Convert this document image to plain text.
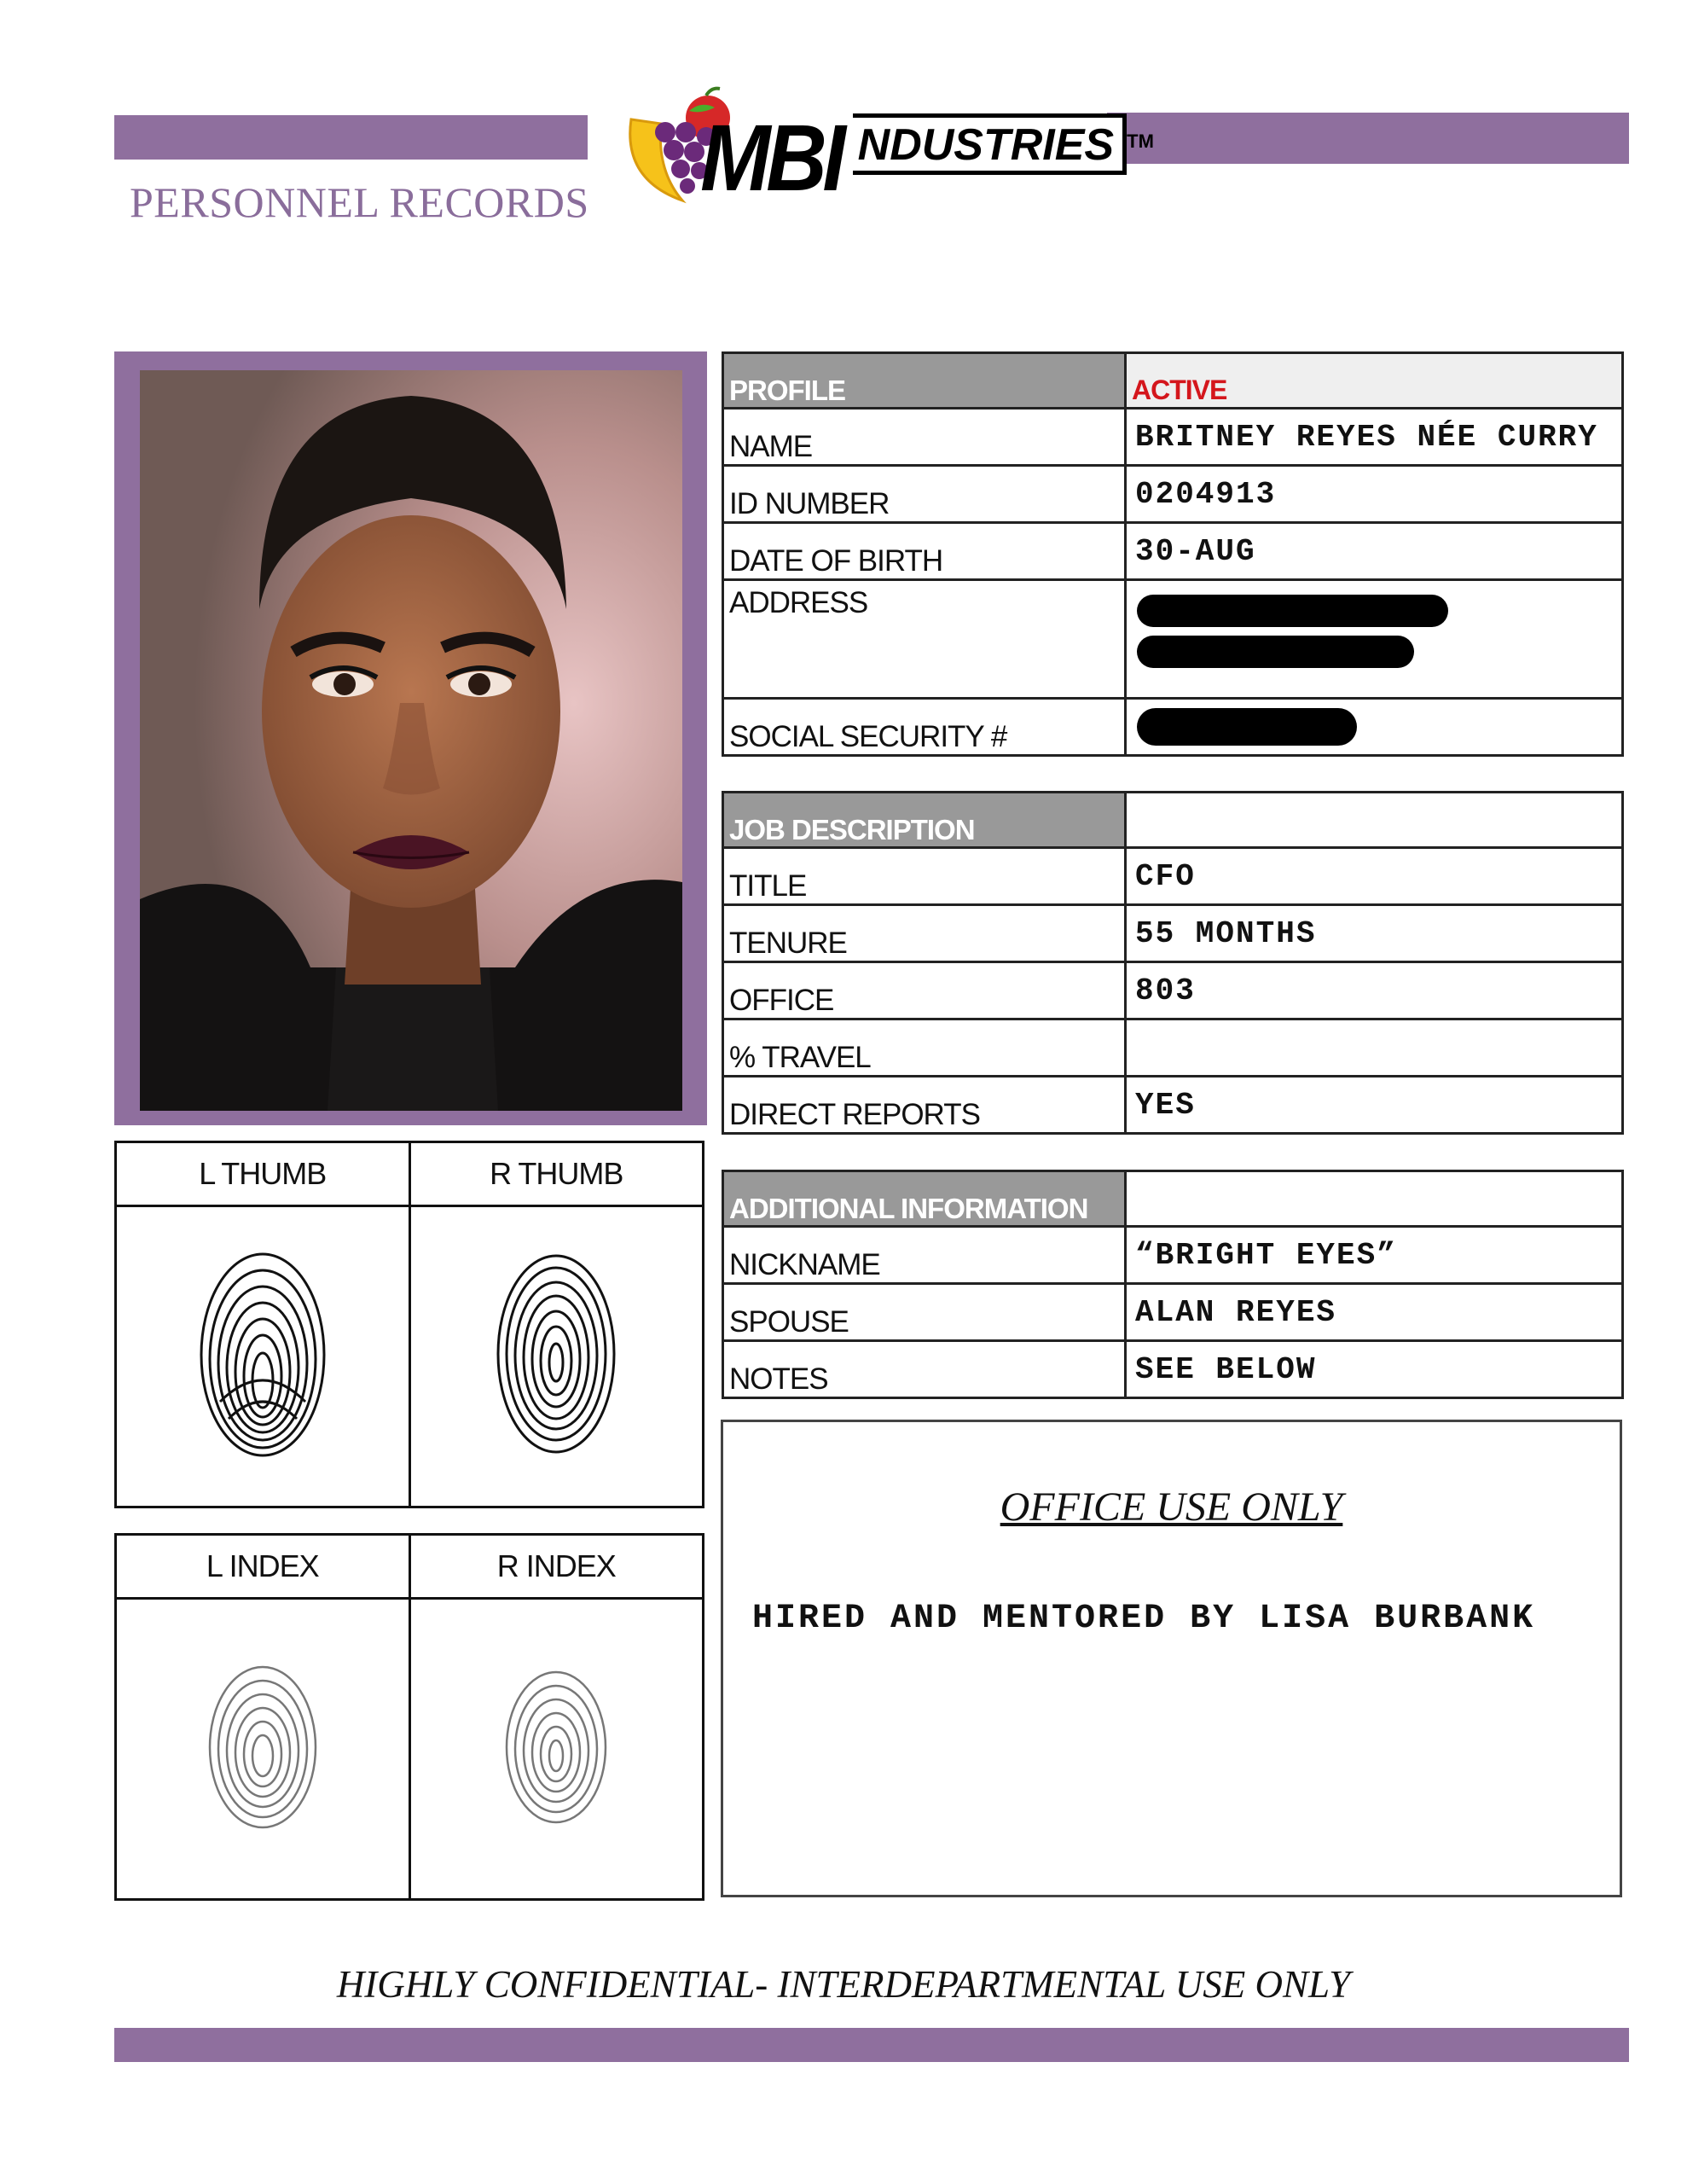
PERSONNEL RECORDS MBI NDUSTRIES TM
L THUMB	R THUMB

L INDEX	R INDEX

PROFILE	ACTIVE
NAME	BRITNEY REYES NÉE CURRY
ID NUMBER	0204913
DATE OF BIRTH	30-AUG
ADDRESS	

SOCIAL SECURITY #	
JOB DESCRIPTION	
TITLE	CFO
TENURE	55 MONTHS
OFFICE	803
% TRAVEL	
DIRECT REPORTS	YES
ADDITIONAL INFORMATION	
NICKNAME	“BRIGHT EYES”
SPOUSE	ALAN REYES
NOTES	SEE BELOW
OFFICE USE ONLY
HIRED AND MENTORED BY LISA BURBANK
HIGHLY CONFIDENTIAL- INTERDEPARTMENTAL USE ONLY
